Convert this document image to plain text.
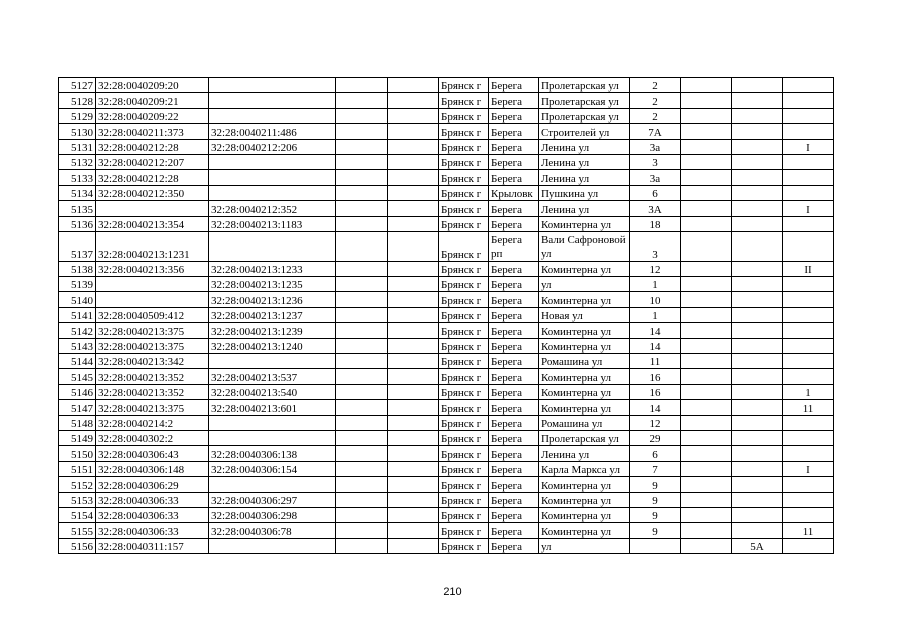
5127	32:28:0040209:20				Брянск г	Берега	Пролетарская ул	2			
5128	32:28:0040209:21				Брянск г	Берега	Пролетарская ул	2			
5129	32:28:0040209:22				Брянск г	Берега	Пролетарская ул	2			
5130	32:28:0040211:373	32:28:0040211:486			Брянск г	Берега	Строителей ул	7А			
5131	32:28:0040212:28	32:28:0040212:206			Брянск г	Берега	Ленина ул	3а			I
5132	32:28:0040212:207				Брянск г	Берега	Ленина ул	3			
5133	32:28:0040212:28				Брянск г	Берега	Ленина ул	3а			
5134	32:28:0040212:350				Брянск г	Крыловк	Пушкина ул	6			
5135		32:28:0040212:352			Брянск г	Берега	Ленина ул	3А			I
5136	32:28:0040213:354	32:28:0040213:1183			Брянск г	Берега	Коминтерна ул	18			
5137	32:28:0040213:1231				Брянск г	Берега рп	Вали Сафроновой ул	3			
5138	32:28:0040213:356	32:28:0040213:1233			Брянск г	Берега	Коминтерна ул	12			II
5139		32:28:0040213:1235			Брянск г	Берега	ул	1			
5140		32:28:0040213:1236			Брянск г	Берега	Коминтерна ул	10			
5141	32:28:0040509:412	32:28:0040213:1237			Брянск г	Берега	Новая ул	1			
5142	32:28:0040213:375	32:28:0040213:1239			Брянск г	Берега	Коминтерна ул	14			
5143	32:28:0040213:375	32:28:0040213:1240			Брянск г	Берега	Коминтерна ул	14			
5144	32:28:0040213:342				Брянск г	Берега	Ромашина ул	11			
5145	32:28:0040213:352	32:28:0040213:537			Брянск г	Берега	Коминтерна ул	16			
5146	32:28:0040213:352	32:28:0040213:540			Брянск г	Берега	Коминтерна ул	16			1
5147	32:28:0040213:375	32:28:0040213:601			Брянск г	Берега	Коминтерна ул	14			11
5148	32:28:0040214:2				Брянск г	Берега	Ромашина ул	12			
5149	32:28:0040302:2				Брянск г	Берега	Пролетарская ул	29			
5150	32:28:0040306:43	32:28:0040306:138			Брянск г	Берега	Ленина ул	6			
5151	32:28:0040306:148	32:28:0040306:154			Брянск г	Берега	Карла Маркса ул	7			I
5152	32:28:0040306:29				Брянск г	Берега	Коминтерна ул	9			
5153	32:28:0040306:33	32:28:0040306:297			Брянск г	Берега	Коминтерна ул	9			
5154	32:28:0040306:33	32:28:0040306:298			Брянск г	Берега	Коминтерна ул	9			
5155	32:28:0040306:33	32:28:0040306:78			Брянск г	Берега	Коминтерна ул	9			11
5156	32:28:0040311:157				Брянск г	Берега	ул			5А	
210
